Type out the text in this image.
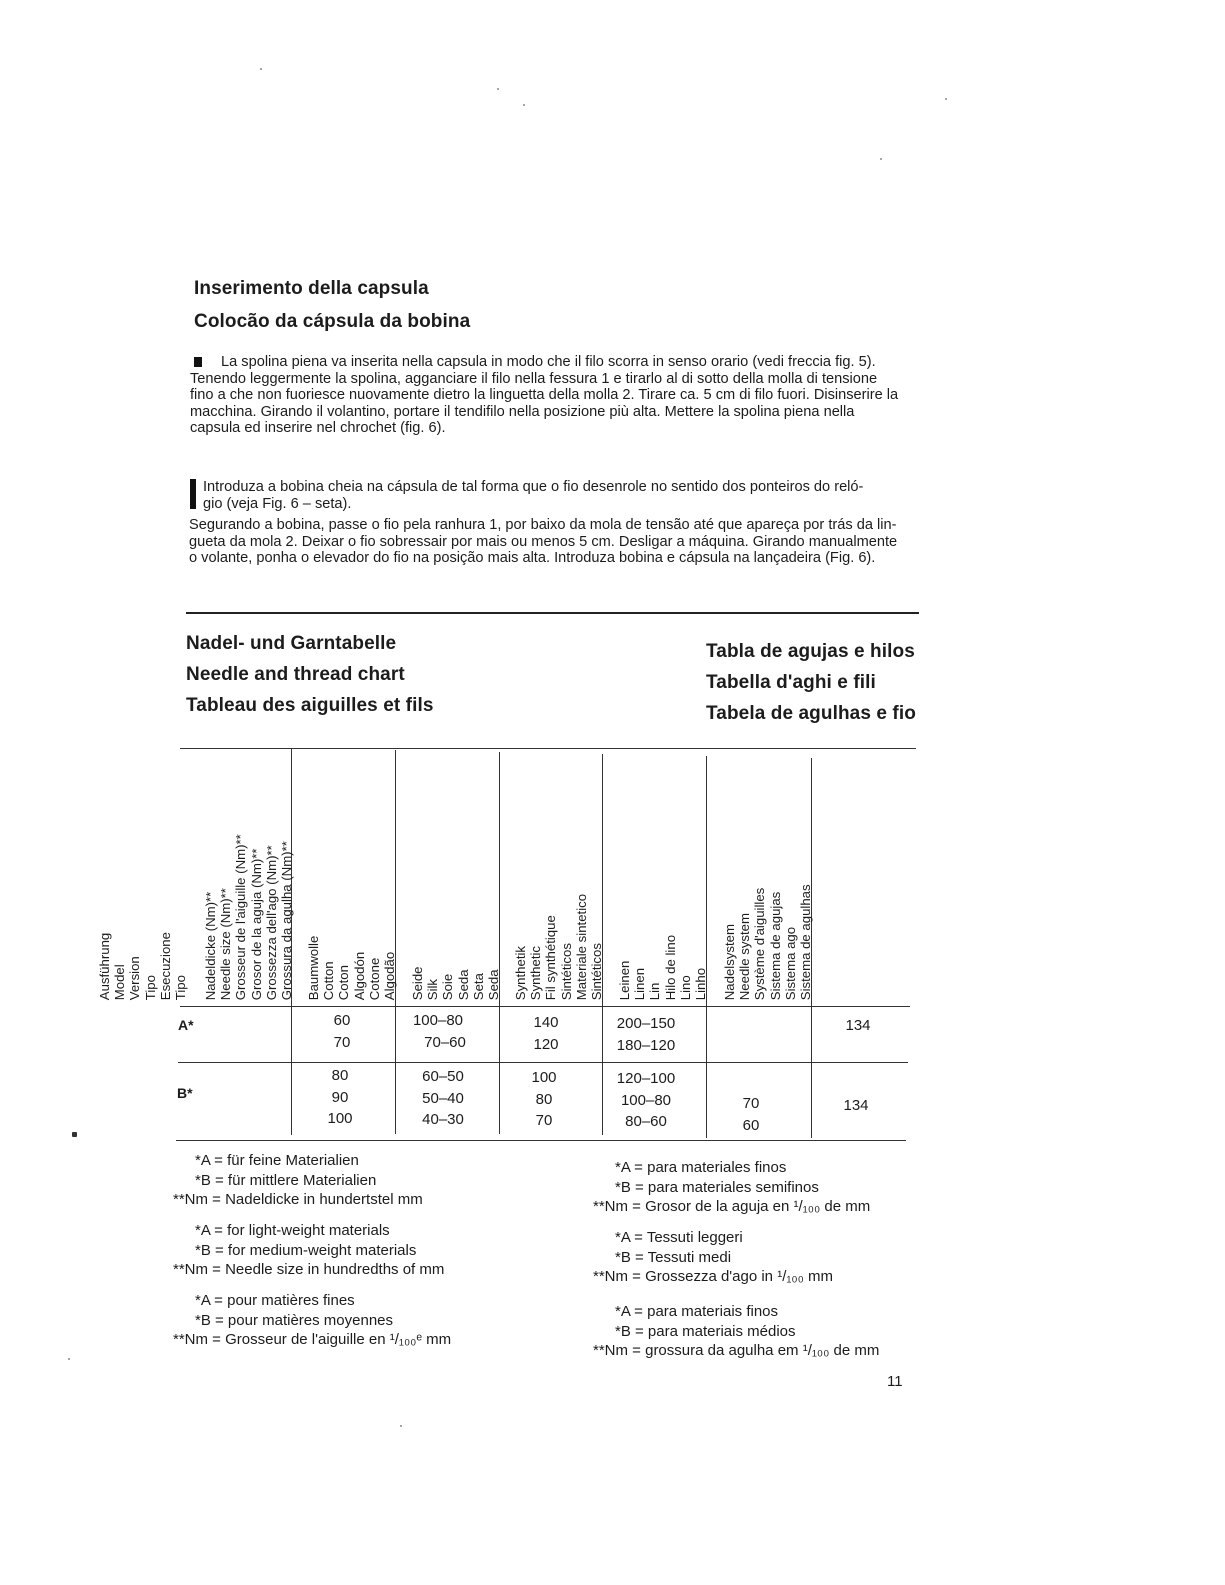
Inserimento della capsula
Colocão da cápsula da bobina
La spolina piena va inserita nella capsula in modo che il filo scorra in senso orario (vedi freccia fig. 5).
Tenendo leggermente la spolina, agganciare il filo nella fessura 1 e tirarlo al di sotto della molla di tensione
fino a che non fuoriesce nuovamente dietro la linguetta della molla 2. Tirare ca. 5 cm di filo fuori. Disinserire la
macchina. Girando il volantino, portare il tendifilo nella posizione più alta. Mettere la spolina piena nella
capsula ed inserire nel chrochet (fig. 6).
Introduza a bobina cheia na cápsula de tal forma que o fio desenrole no sentido dos ponteiros do reló-
gio (veja Fig. 6 – seta).
Segurando a bobina, passe o fio pela ranhura 1, por baixo da mola de tensão até que apareça por trás da lin-
gueta da mola 2. Deixar o fio sobressair por mais ou menos 5 cm. Desligar a máquina. Girando manualmente
o volante, ponha o elevador do fio na posição mais alta. Introduza bobina e cápsula na lançadeira (Fig. 6).
Nadel- und Garntabelle
Needle and thread chart
Tableau des aiguilles et fils
Tabla de agujas e hilos
Tabella d'aghi e fili
Tabela de agulhas e fio
Ausführung Model Version Tipo Esecuzione Tipo Nadeldicke (Nm)** Needle size (Nm)** Grosseur de l'aiguille (Nm)** Grosor de la aguja (Nm)** Grossezza dell'ago (Nm)** Grossura da agulha (Nm)** Baumwolle Cotton Coton Algodón Cotone Algodão Seide Silk Soie Seda Seta Seda Synthetik Synthetic Fil synthétique Sintéticos Materiale sintetico Sintéticos Leinen Linen Lin Hilo de lino Lino Linho Nadelsystem Needle system Système d'aiguilles Sistema de agujas Sistema ago Sistema de agulhas
A*	60
70
100–80
70–60
140
120
200–150
180–120
134
B*
80
90
100
60–50
50–40
40–30
100
80
70
120–100
100–80
80–60
70
60
134
*A = für feine Materialien
*B = für mittlere Materialien
**Nm = Nadeldicke in hundertstel mm
*A = for light-weight materials
*B = for medium-weight materials
**Nm = Needle size in hundredths of mm
*A = pour matières fines
*B = pour matières moyennes
**Nm = Grosseur de l'aiguille en ¹/₁₀₀ᵉ mm
*A = para materiales finos
*B = para materiales semifinos
**Nm = Grosor de la aguja en ¹/₁₀₀ de mm
*A = Tessuti leggeri
*B = Tessuti medi
**Nm = Grossezza d'ago in ¹/₁₀₀ mm
*A = para materiais finos
*B = para materiais médios
**Nm = grossura da agulha em ¹/₁₀₀ de mm
11
